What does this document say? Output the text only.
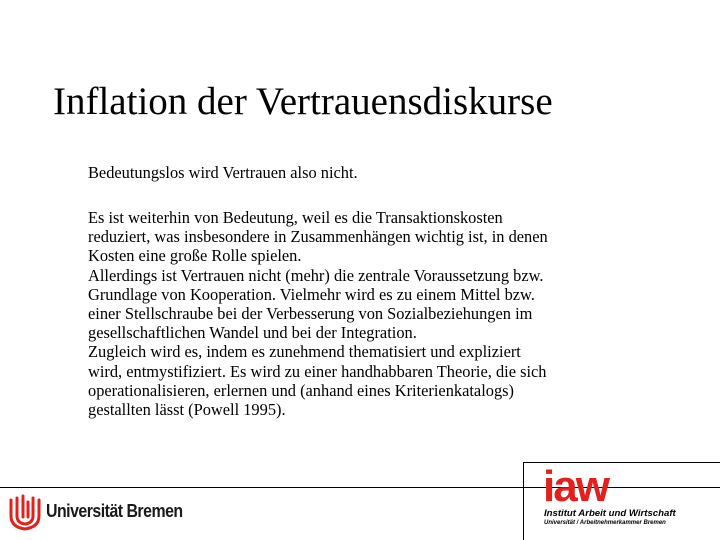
Inflation der Vertrauensdiskurse
Bedeutungslos wird Vertrauen also nicht.
Es ist weiterhin von Bedeutung, weil es die Transaktionskosten
reduziert, was insbesondere in Zusammenhängen wichtig ist, in denen
Kosten eine große Rolle spielen.
Allerdings ist Vertrauen nicht (mehr) die zentrale Voraussetzung bzw.
Grundlage von Kooperation. Vielmehr wird es zu einem Mittel bzw.
einer Stellschraube bei der Verbesserung von Sozialbeziehungen im
gesellschaftlichen Wandel und bei der Integration.
Zugleich wird es, indem es zunehmend thematisiert und expliziert
wird, entmystifiziert. Es wird zu einer handhabbaren Theorie, die sich
operationalisieren, erlernen und (anhand eines Kriterienkatalogs)
gestallten lässt (Powell 1995).
Universität Bremen	iaw
Institut Arbeit und Wirtschaft
Universität / Arbeitnehmerkammer Bremen
